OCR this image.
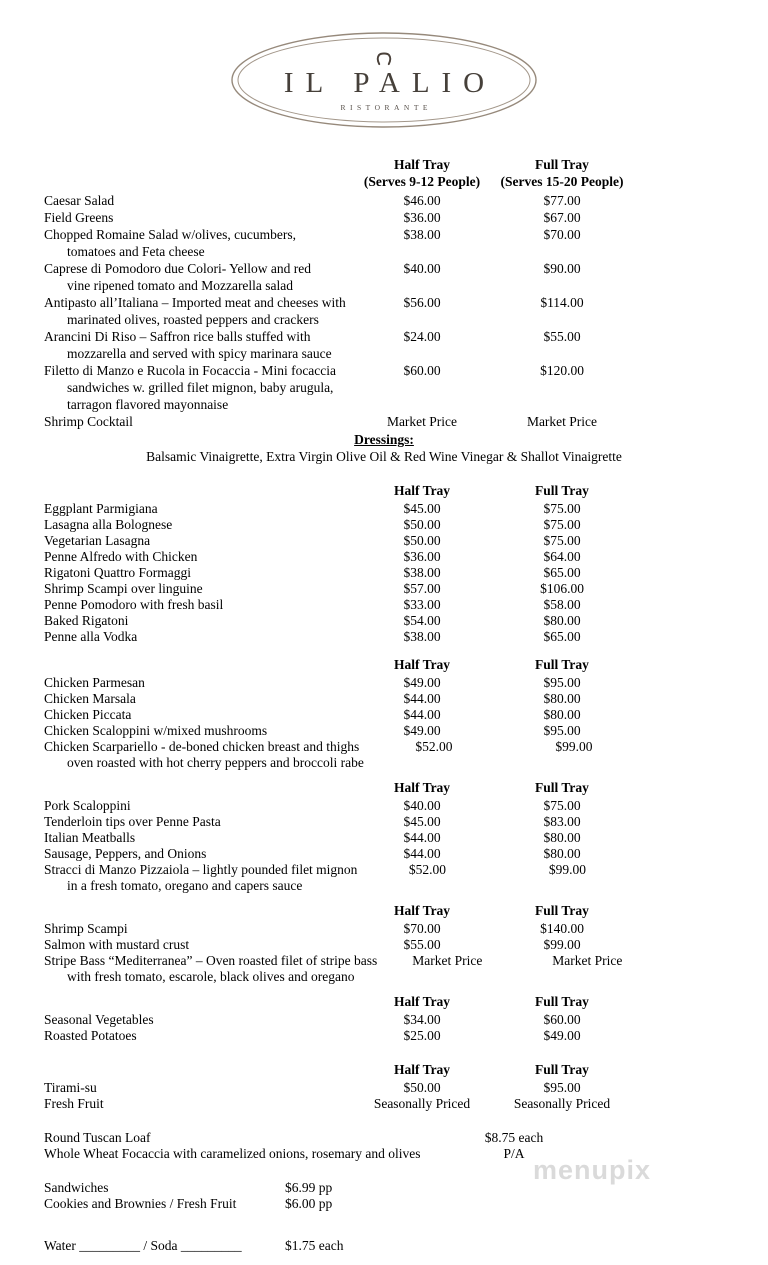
IL PALIO
RISTORANTE
Half Tray
(Serves 9-12 People)
Full Tray
(Serves 15-20 People)
Caesar Salad	$46.00	$77.00
Field Greens	$36.00	$67.00
Chopped Romaine Salad w/olives, cucumbers,
tomatoes and Feta cheese
$38.00	$70.00
Caprese di Pomodoro due Colori- Yellow and red
vine ripened tomato and Mozzarella salad
$40.00	$90.00
Antipasto all’Italiana – Imported meat and cheeses with
marinated olives, roasted peppers and crackers
$56.00	$114.00
Arancini Di Riso – Saffron rice balls stuffed with
mozzarella and served with spicy marinara sauce
$24.00	$55.00
Filetto di Manzo e Rucola in Focaccia - Mini focaccia
sandwiches w. grilled filet mignon, baby arugula,
tarragon flavored mayonnaise
$60.00	$120.00
Shrimp Cocktail	Market Price	Market Price
Dressings:
Balsamic Vinaigrette, Extra Virgin Olive Oil & Red Wine Vinegar & Shallot Vinaigrette
Half Tray	Full Tray
Eggplant Parmigiana	$45.00	$75.00
Lasagna alla Bolognese	$50.00	$75.00
Vegetarian Lasagna	$50.00	$75.00
Penne Alfredo with Chicken	$36.00	$64.00
Rigatoni Quattro Formaggi	$38.00	$65.00
Shrimp Scampi over linguine	$57.00	$106.00
Penne Pomodoro with fresh basil	$33.00	$58.00
Baked Rigatoni	$54.00	$80.00
Penne alla Vodka	$38.00	$65.00
Half Tray	Full Tray
Chicken Parmesan	$49.00	$95.00
Chicken Marsala	$44.00	$80.00
Chicken Piccata	$44.00	$80.00
Chicken Scaloppini w/mixed mushrooms	$49.00	$95.00
Chicken Scarpariello - de-boned chicken breast and thighs
oven roasted with hot cherry peppers and broccoli rabe
$52.00	$99.00
Half Tray	Full Tray
Pork Scaloppini	$40.00	$75.00
Tenderloin tips over Penne Pasta	$45.00	$83.00
Italian Meatballs	$44.00	$80.00
Sausage, Peppers, and Onions	$44.00	$80.00
Stracci di Manzo Pizzaiola – lightly pounded filet mignon
in a fresh tomato, oregano and capers sauce
$52.00	$99.00
Half Tray	Full Tray
Shrimp Scampi	$70.00	$140.00
Salmon with mustard crust	$55.00	$99.00
Stripe Bass “Mediterranea” – Oven roasted filet of stripe bass
with fresh tomato, escarole, black olives and oregano
Market Price	Market Price
Half Tray	Full Tray
Seasonal Vegetables	$34.00	$60.00
Roasted Potatoes	$25.00	$49.00
Half Tray	Full Tray
Tirami-su	$50.00	$95.00
Fresh Fruit	Seasonally Priced	Seasonally Priced
Round Tuscan Loaf	$8.75 each
Whole Wheat Focaccia with caramelized onions, rosemary and olives	P/A
Sandwiches	$6.99 pp
Cookies and Brownies / Fresh Fruit	$6.00 pp
Water _________ / Soda _________	$1.75 each
menupix
